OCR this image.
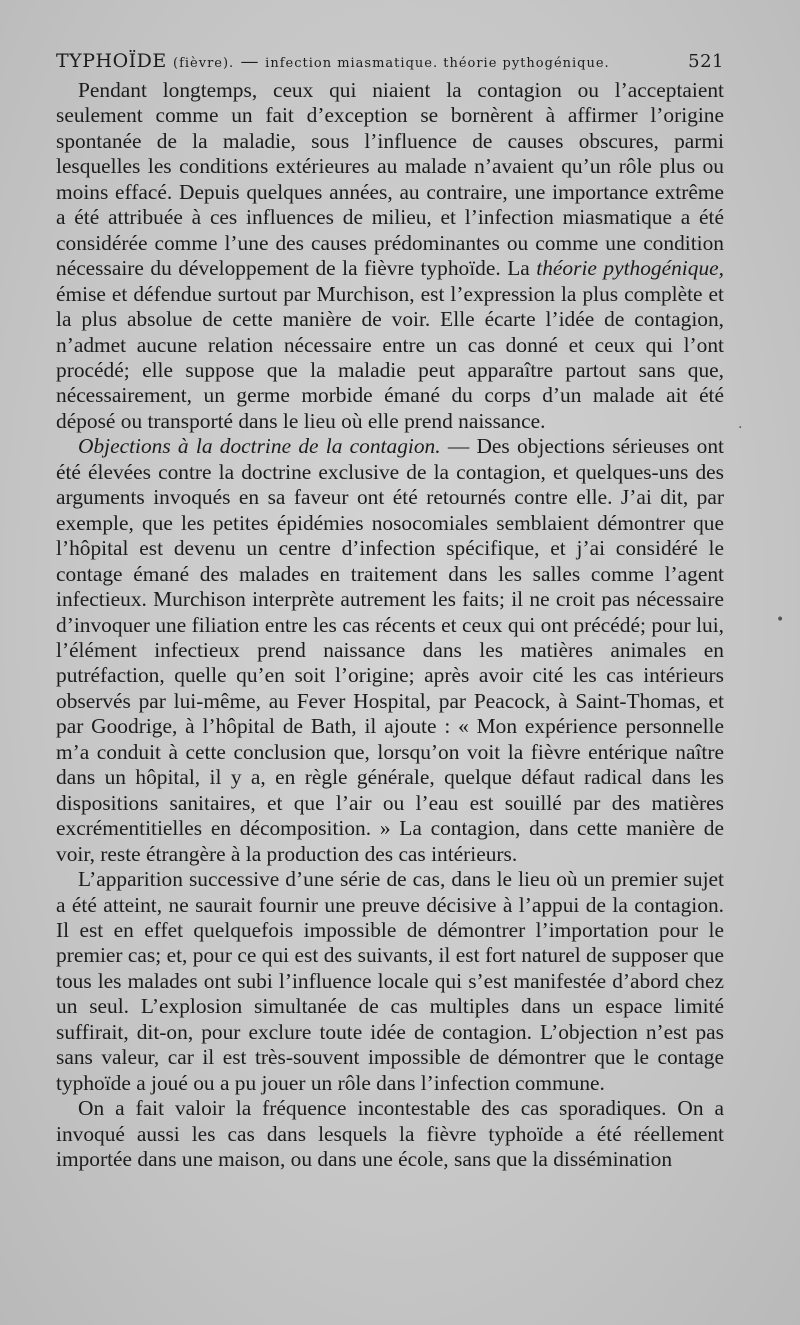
TYPHOÏDE (fièvre). — infection miasmatique. théorie pythogénique.	521

Pendant longtemps, ceux qui niaient la contagion ou l’acceptaient seulement comme un fait d’exception se bornèrent à affirmer l’origine spontanée de la maladie, sous l’influence de causes obscures, parmi lesquelles les conditions extérieures au malade n’avaient qu’un rôle plus ou moins effacé. Depuis quelques années, au contraire, une importance extrême a été attribuée à ces influences de milieu, et l’infection miasmatique a été considérée comme l’une des causes prédominantes ou comme une condition nécessaire du développement de la fièvre typhoïde. La théorie pythogénique, émise et défendue surtout par Murchison, est l’expression la plus complète et la plus absolue de cette manière de voir. Elle écarte l’idée de contagion, n’admet aucune relation nécessaire entre un cas donné et ceux qui l’ont procédé; elle suppose que la maladie peut apparaître partout sans que, nécessairement, un germe morbide émané du corps d’un malade ait été déposé ou transporté dans le lieu où elle prend naissance.

Objections à la doctrine de la contagion. — Des objections sérieuses ont été élevées contre la doctrine exclusive de la contagion, et quelques-uns des arguments invoqués en sa faveur ont été retournés contre elle. J’ai dit, par exemple, que les petites épidémies nosocomiales semblaient démontrer que l’hôpital est devenu un centre d’infection spécifique, et j’ai considéré le contage émané des malades en traitement dans les salles comme l’agent infectieux. Murchison interprète autrement les faits; il ne croit pas nécessaire d’invoquer une filiation entre les cas récents et ceux qui ont précédé; pour lui, l’élément infectieux prend naissance dans les matières animales en putréfaction, quelle qu’en soit l’origine; après avoir cité les cas intérieurs observés par lui-même, au Fever Hospital, par Peacock, à Saint-Thomas, et par Goodrige, à l’hôpital de Bath, il ajoute : « Mon expérience personnelle m’a conduit à cette conclusion que, lorsqu’on voit la fièvre entérique naître dans un hôpital, il y a, en règle générale, quelque défaut radical dans les dispositions sanitaires, et que l’air ou l’eau est souillé par des matières excrémentitielles en décomposition. » La contagion, dans cette manière de voir, reste étrangère à la production des cas intérieurs.

L’apparition successive d’une série de cas, dans le lieu où un premier sujet a été atteint, ne saurait fournir une preuve décisive à l’appui de la contagion. Il est en effet quelquefois impossible de démontrer l’importation pour le premier cas; et, pour ce qui est des suivants, il est fort naturel de supposer que tous les malades ont subi l’influence locale qui s’est manifestée d’abord chez un seul. L’explosion simultanée de cas multiples dans un espace limité suffirait, dit-on, pour exclure toute idée de contagion. L’objection n’est pas sans valeur, car il est très-souvent impossible de démontrer que le contage typhoïde a joué ou a pu jouer un rôle dans l’infection commune.

On a fait valoir la fréquence incontestable des cas sporadiques. On a invoqué aussi les cas dans lesquels la fièvre typhoïde a été réellement importée dans une maison, ou dans une école, sans que la dissémination

•
·
